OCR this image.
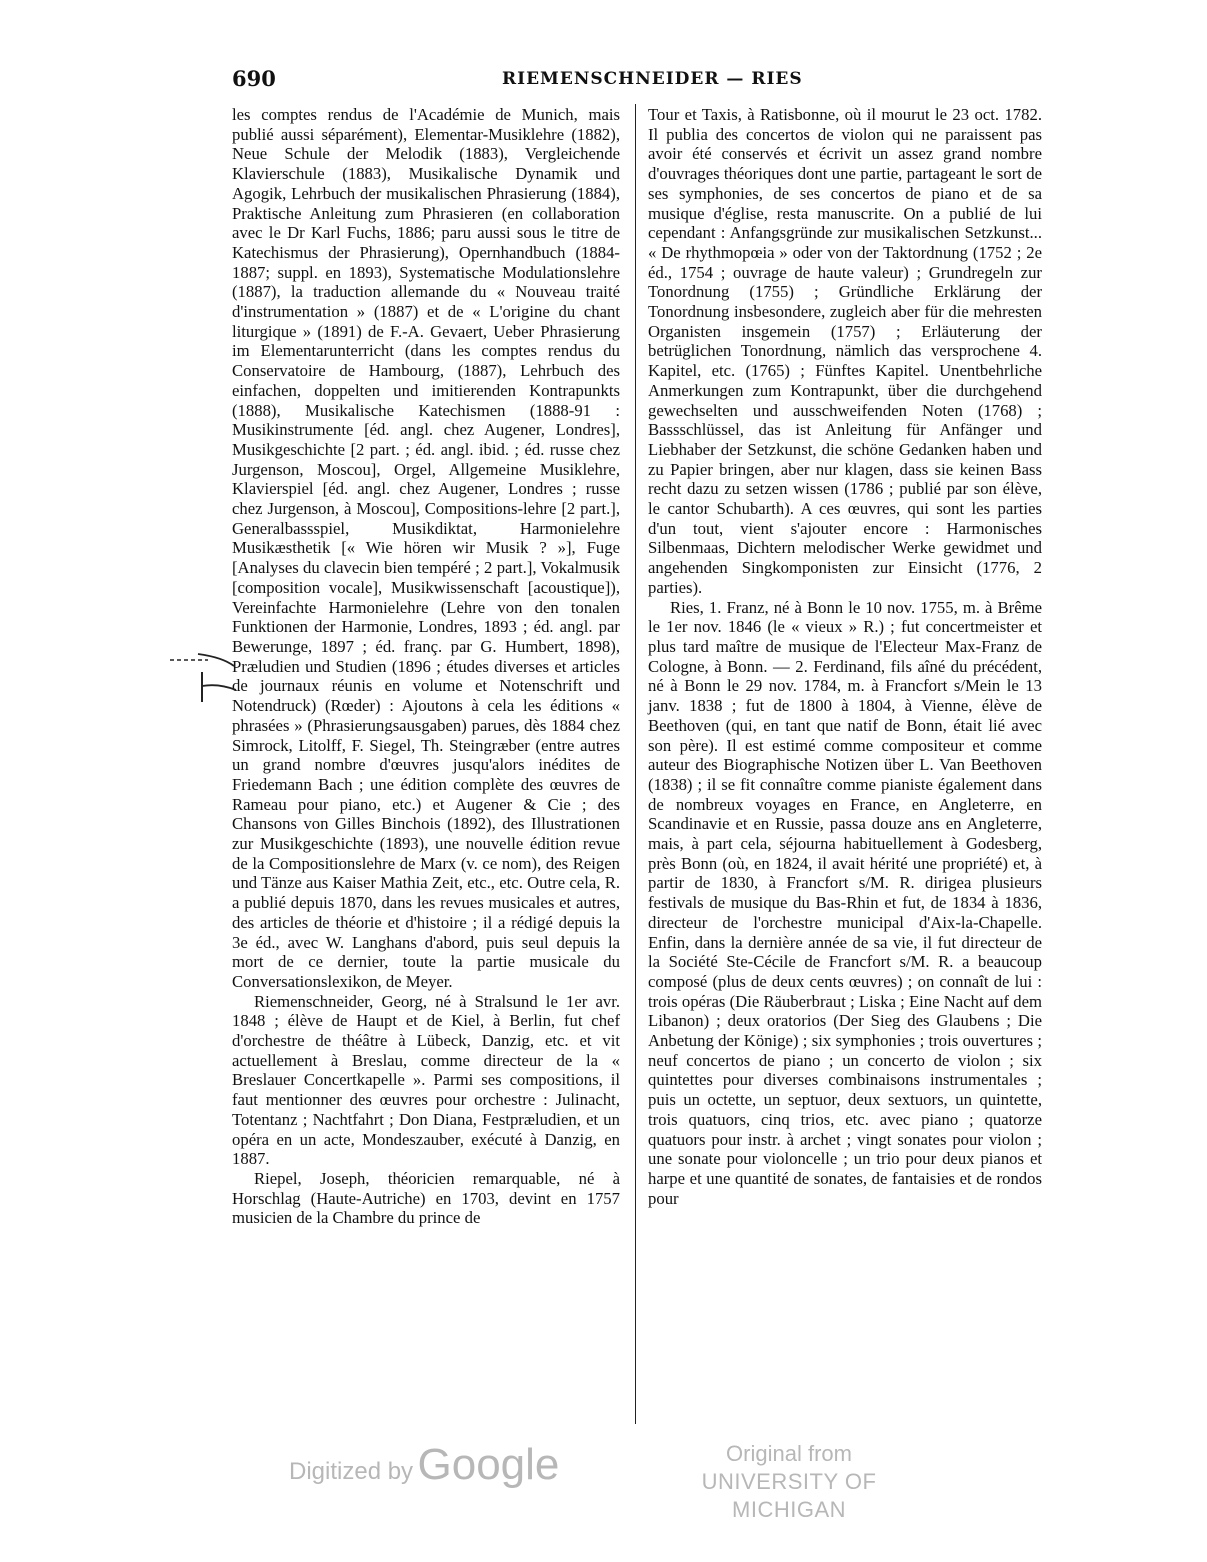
690	RIEMENSCHNEIDER — RIES

les comptes rendus de l'Académie de Munich, mais publié aussi séparément), Elementar-Musiklehre (1882), Neue Schule der Melodik (1883), Vergleichende Klavierschule (1883), Musikalische Dynamik und Agogik, Lehrbuch der musikalischen Phrasierung (1884), Praktische Anleitung zum Phrasieren (en collaboration avec le Dr Karl Fuchs, 1886; paru aussi sous le titre de Katechismus der Phrasierung), Opernhandbuch (1884-1887; suppl. en 1893), Systematische Modulationslehre (1887), la traduction allemande du « Nouveau traité d'instrumentation » (1887) et de « L'origine du chant liturgique » (1891) de F.-A. Gevaert, Ueber Phrasierung im Elementarunterricht (dans les comptes rendus du Conservatoire de Hambourg, (1887), Lehrbuch des einfachen, doppelten und imitierenden Kontrapunkts (1888), Musikalische Katechismen (1888-91 : Musikinstrumente [éd. angl. chez Augener, Londres], Musikgeschichte [2 part. ; éd. angl. ibid. ; éd. russe chez Jurgenson, Moscou], Orgel, Allgemeine Musiklehre, Klavierspiel [éd. angl. chez Augener, Londres ; russe chez Jurgenson, à Moscou], Compositions-lehre [2 part.], Generalbassspiel, Musikdiktat, Harmonielehre Musikæsthetik [« Wie hören wir Musik ? »], Fuge [Analyses du clavecin bien tempéré ; 2 part.], Vokalmusik [composition vocale], Musikwissenschaft [acoustique]), Vereinfachte Harmonielehre (Lehre von den tonalen Funktionen der Harmonie, Londres, 1893 ; éd. angl. par Bewerunge, 1897 ; éd. franç. par G. Humbert, 1898), Præludien und Studien (1896 ; études diverses et articles de journaux réunis en volume et Notenschrift und Notendruck) (Rœder) : Ajoutons à cela les éditions « phrasées » (Phrasierungsausgaben) parues, dès 1884 chez Simrock, Litolff, F. Siegel, Th. Steingræber (entre autres un grand nombre d'œuvres jusqu'alors inédites de Friedemann Bach ; une édition complète des œuvres de Rameau pour piano, etc.) et Augener & Cie ; des Chansons von Gilles Binchois (1892), des Illustrationen zur Musikgeschichte (1893), une nouvelle édition revue de la Compositionslehre de Marx (v. ce nom), des Reigen und Tänze aus Kaiser Mathia Zeit, etc., etc. Outre cela, R. a publié depuis 1870, dans les revues musicales et autres, des articles de théorie et d'histoire ; il a rédigé depuis la 3e éd., avec W. Langhans d'abord, puis seul depuis la mort de ce dernier, toute la partie musicale du Conversationslexikon, de Meyer.

Riemenschneider, Georg, né à Stralsund le 1er avr. 1848 ; élève de Haupt et de Kiel, à Berlin, fut chef d'orchestre de théâtre à Lübeck, Danzig, etc. et vit actuellement à Breslau, comme directeur de la « Breslauer Concertkapelle ». Parmi ses compositions, il faut mentionner des œuvres pour orchestre : Julinacht, Totentanz ; Nachtfahrt ; Don Diana, Festpræludien, et un opéra en un acte, Mondeszauber, exécuté à Danzig, en 1887.

Riepel, Joseph, théoricien remarquable, né à Horschlag (Haute-Autriche) en 1703, devint en 1757 musicien de la Chambre du prince de

Tour et Taxis, à Ratisbonne, où il mourut le 23 oct. 1782. Il publia des concertos de violon qui ne paraissent pas avoir été conservés et écrivit un assez grand nombre d'ouvrages théoriques dont une partie, partageant le sort de ses symphonies, de ses concertos de piano et de sa musique d'église, resta manuscrite. On a publié de lui cependant : Anfangsgründe zur musikalischen Setzkunst... « De rhythmopœia » oder von der Taktordnung (1752 ; 2e éd., 1754 ; ouvrage de haute valeur) ; Grundregeln zur Tonordnung (1755) ; Gründliche Erklärung der Tonordnung insbesondere, zugleich aber für die mehresten Organisten insgemein (1757) ; Erläuterung der betrüglichen Tonordnung, nämlich das versprochene 4. Kapitel, etc. (1765) ; Fünftes Kapitel. Unentbehrliche Anmerkungen zum Kontrapunkt, über die durchgehend gewechselten und ausschweifenden Noten (1768) ; Bassschlüssel, das ist Anleitung für Anfänger und Liebhaber der Setzkunst, die schöne Gedanken haben und zu Papier bringen, aber nur klagen, dass sie keinen Bass recht dazu zu setzen wissen (1786 ; publié par son élève, le cantor Schubarth). A ces œuvres, qui sont les parties d'un tout, vient s'ajouter encore : Harmonisches Silbenmaas, Dichtern melodischer Werke gewidmet und angehenden Singkomponisten zur Einsicht (1776, 2 parties).

Ries, 1. Franz, né à Bonn le 10 nov. 1755, m. à Brême le 1er nov. 1846 (le « vieux » R.) ; fut concertmeister et plus tard maître de musique de l'Electeur Max-Franz de Cologne, à Bonn. — 2. Ferdinand, fils aîné du précédent, né à Bonn le 29 nov. 1784, m. à Francfort s/Mein le 13 janv. 1838 ; fut de 1800 à 1804, à Vienne, élève de Beethoven (qui, en tant que natif de Bonn, était lié avec son père). Il est estimé comme compositeur et comme auteur des Biographische Notizen über L. Van Beethoven (1838) ; il se fit connaître comme pianiste également dans de nombreux voyages en France, en Angleterre, en Scandinavie et en Russie, passa douze ans en Angleterre, mais, à part cela, séjourna habituellement à Godesberg, près Bonn (où, en 1824, il avait hérité une propriété) et, à partir de 1830, à Francfort s/M. R. dirigea plusieurs festivals de musique du Bas-Rhin et fut, de 1834 à 1836, directeur de l'orchestre municipal d'Aix-la-Chapelle. Enfin, dans la dernière année de sa vie, il fut directeur de la Société Ste-Cécile de Francfort s/M. R. a beaucoup composé (plus de deux cents œuvres) ; on connaît de lui : trois opéras (Die Räuberbraut ; Liska ; Eine Nacht auf dem Libanon) ; deux oratorios (Der Sieg des Glaubens ; Die Anbetung der Könige) ; six symphonies ; trois ouvertures ; neuf concertos de piano ; un concerto de violon ; six quintettes pour diverses combinaisons instrumentales ; puis un octette, un septuor, deux sextuors, un quintette, trois quatuors, cinq trios, etc. avec piano ; quatorze quatuors pour instr. à archet ; vingt sonates pour violon ; une sonate pour violoncelle ; un trio pour deux pianos et harpe et une quantité de sonates, de fantaisies et de rondos pour

Digitized by Google	Original from
UNIVERSITY OF MICHIGAN
